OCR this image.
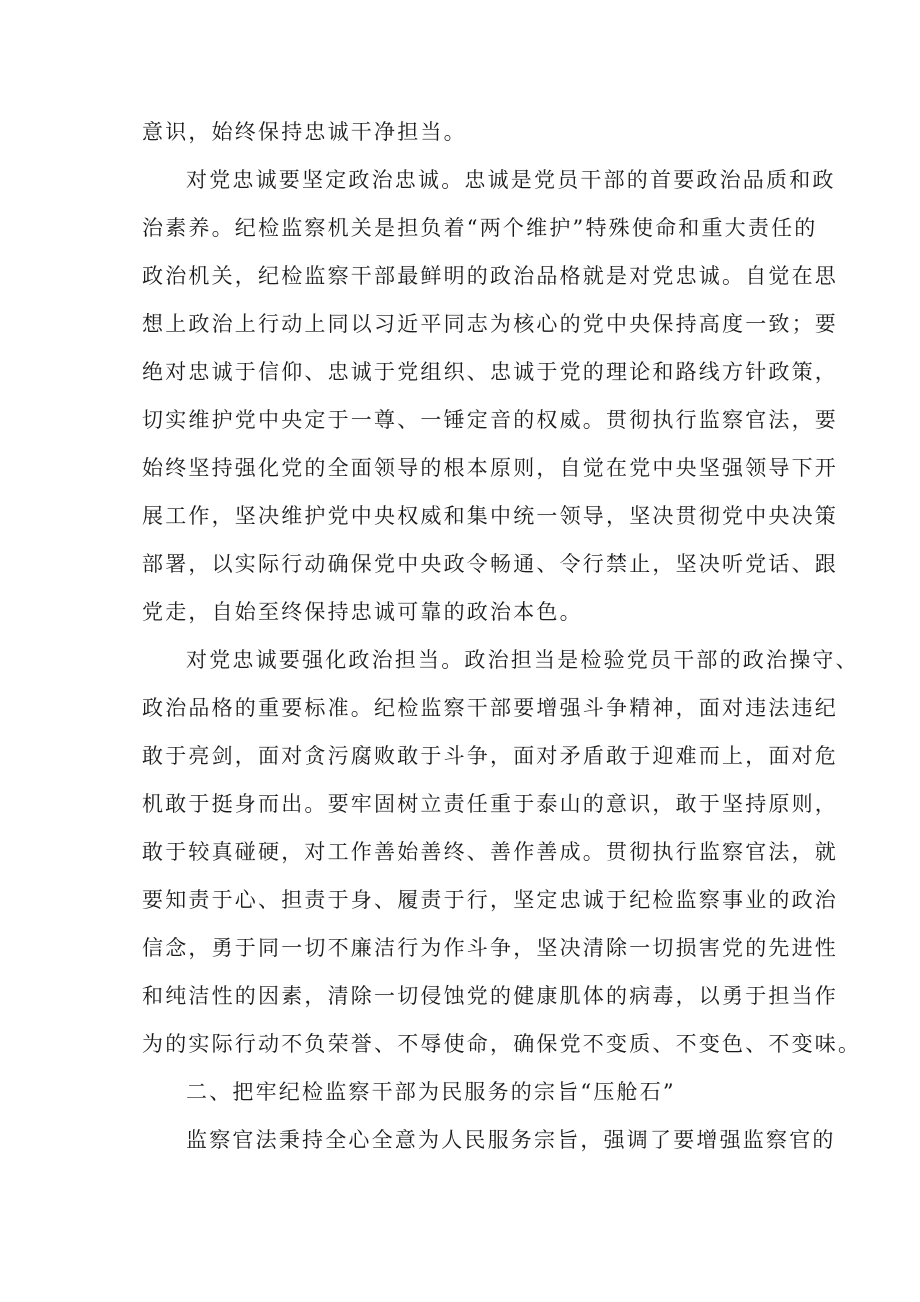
意识，始终保持忠诚干净担当。
对党忠诚要坚定政治忠诚。忠诚是党员干部的首要政治品质和政
治素养。纪检监察机关是担负着“两个维护”特殊使命和重大责任的
政治机关，纪检监察干部最鲜明的政治品格就是对党忠诚。自觉在思
想上政治上行动上同以习近平同志为核心的党中央保持高度一致；要
绝对忠诚于信仰、忠诚于党组织、忠诚于党的理论和路线方针政策，
切实维护党中央定于一尊、一锤定音的权威。贯彻执行监察官法，要
始终坚持强化党的全面领导的根本原则，自觉在党中央坚强领导下开
展工作，坚决维护党中央权威和集中统一领导，坚决贯彻党中央决策
部署，以实际行动确保党中央政令畅通、令行禁止，坚决听党话、跟
党走，自始至终保持忠诚可靠的政治本色。
对党忠诚要强化政治担当。政治担当是检验党员干部的政治操守、
政治品格的重要标准。纪检监察干部要增强斗争精神，面对违法违纪
敢于亮剑，面对贪污腐败敢于斗争，面对矛盾敢于迎难而上，面对危
机敢于挺身而出。要牢固树立责任重于泰山的意识，敢于坚持原则，
敢于较真碰硬，对工作善始善终、善作善成。贯彻执行监察官法，就
要知责于心、担责于身、履责于行，坚定忠诚于纪检监察事业的政治
信念，勇于同一切不廉洁行为作斗争，坚决清除一切损害党的先进性
和纯洁性的因素，清除一切侵蚀党的健康肌体的病毒，以勇于担当作
为的实际行动不负荣誉、不辱使命，确保党不变质、不变色、不变味。
二、把牢纪检监察干部为民服务的宗旨“压舱石”
监察官法秉持全心全意为人民服务宗旨，强调了要增强监察官的
